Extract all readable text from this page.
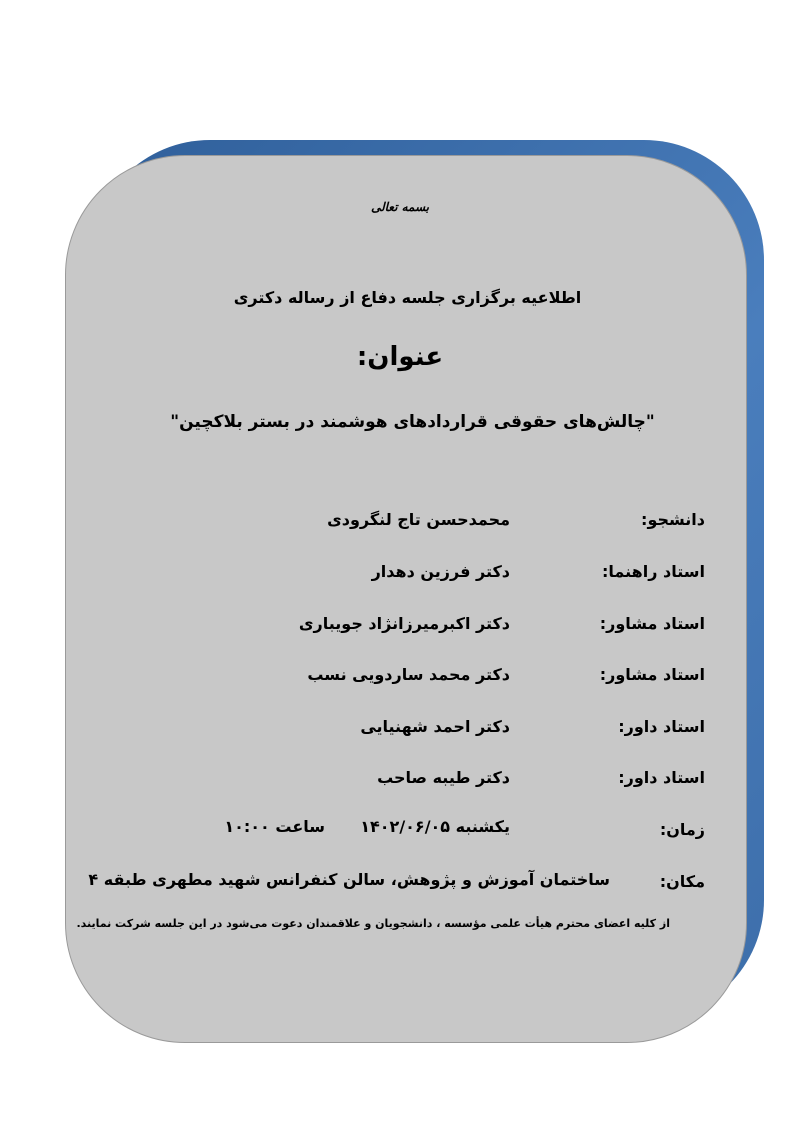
بسمه تعالی
اطلاعیه برگزاری جلسه دفاع از رساله دکتری
عنوان:
"چالش‌های حقوقی قراردادهای هوشمند در بستر بلاکچین"
دانشجو:
محمدحسن تاج لنگرودی
استاد راهنما:
دکتر فرزین دهدار
استاد مشاور:
دکتر اکبرمیرزانژاد جویباری
استاد مشاور:
دکتر محمد ساردویی نسب
استاد داور:
دکتر احمد شهنیایی
استاد داور:
دکتر طیبه صاحب
زمان:
یکشنبه ۱۴۰۲/۰۶/۰۵
ساعت ۱۰:۰۰
مکان:
ساختمان آموزش و پژوهش، سالن کنفرانس شهید مطهری طبقه ۴
از کلیه اعضای محترم هیأت علمی مؤسسه ، دانشجویان و علاقمندان دعوت می‌شود در این جلسه شرکت نمایند.
